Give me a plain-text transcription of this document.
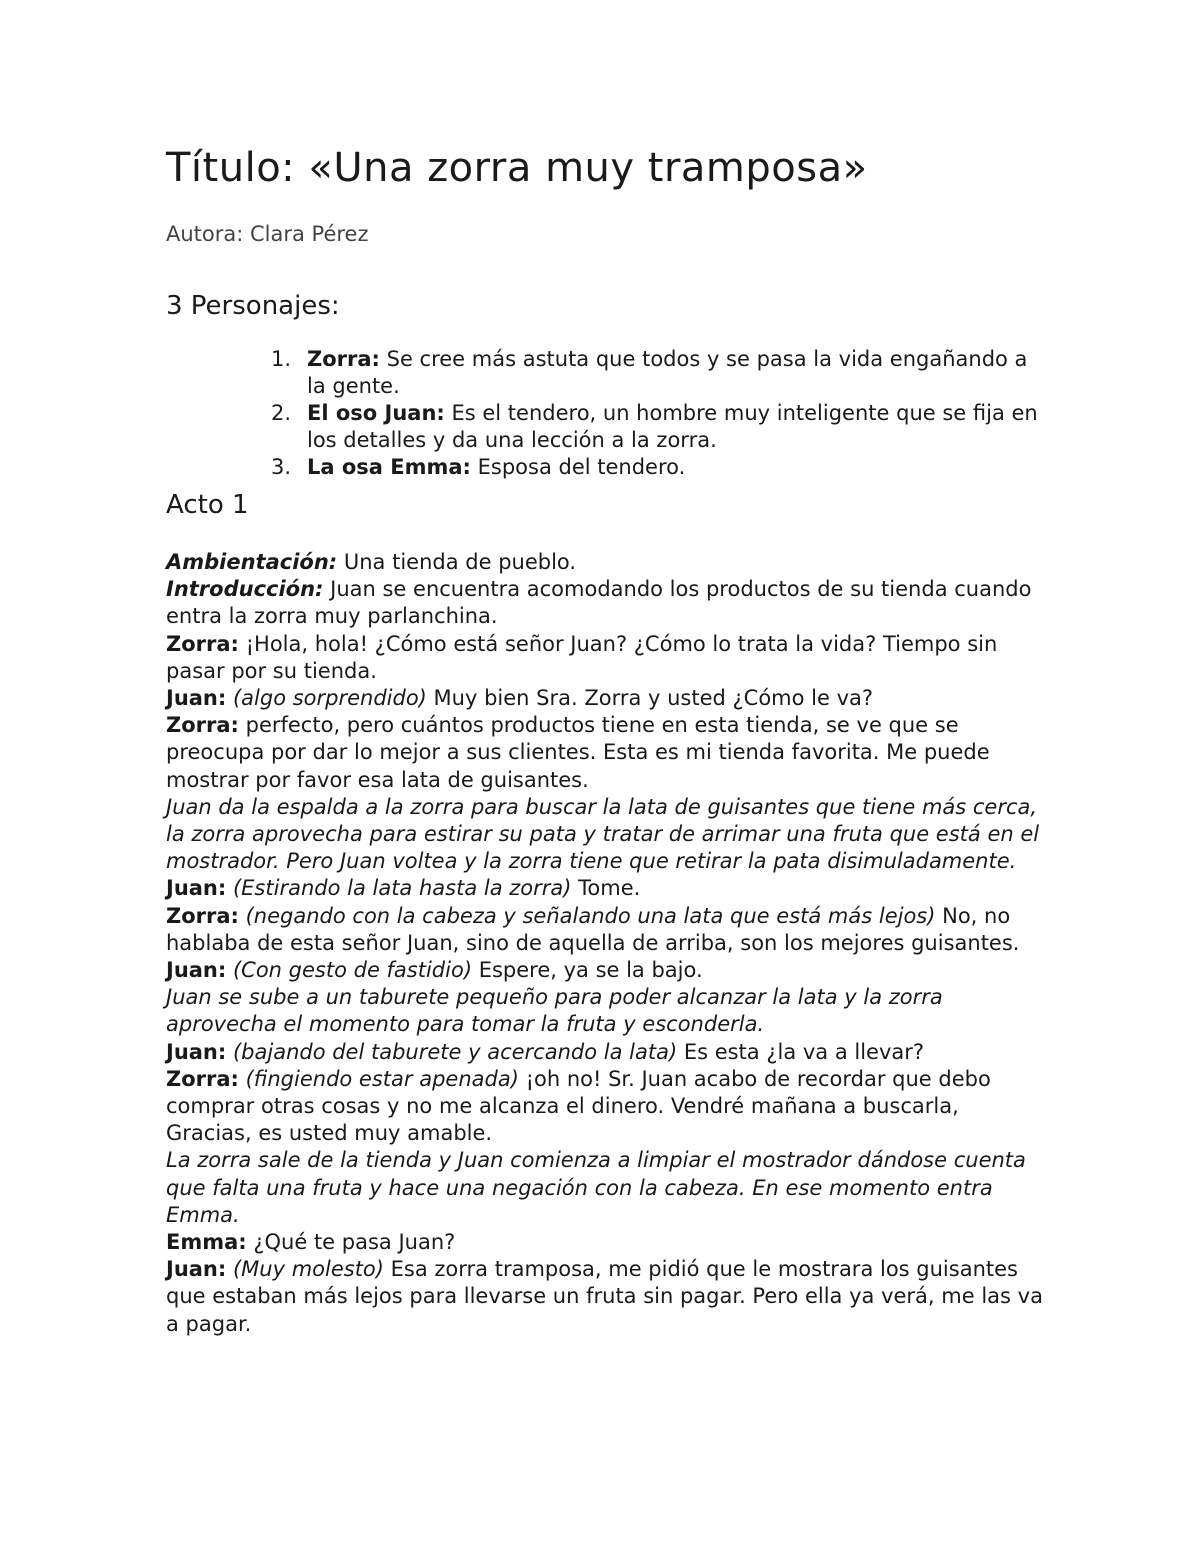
Título: «Una zorra muy tramposa»

Autora: Clara Pérez

3 Personajes:
1. Zorra: Se cree más astuta que todos y se pasa la vida engañando a la gente.
2. El oso Juan: Es el tendero, un hombre muy inteligente que se fija en los detalles y da una lección a la zorra.
3. La osa Emma: Esposa del tendero.
Acto 1

Ambientación: Una tienda de pueblo.

Introducción: Juan se encuentra acomodando los productos de su tienda cuando entra la zorra muy parlanchina.

Zorra: ¡Hola, hola! ¿Cómo está señor Juan? ¿Cómo lo trata la vida? Tiempo sin pasar por su tienda.

Juan: (algo sorprendido) Muy bien Sra. Zorra y usted ¿Cómo le va?

Zorra: perfecto, pero cuántos productos tiene en esta tienda, se ve que se preocupa por dar lo mejor a sus clientes. Esta es mi tienda favorita. Me puede mostrar por favor esa lata de guisantes.

Juan da la espalda a la zorra para buscar la lata de guisantes que tiene más cerca, la zorra aprovecha para estirar su pata y tratar de arrimar una fruta que está en el mostrador. Pero Juan voltea y la zorra tiene que retirar la pata disimuladamente.

Juan: (Estirando la lata hasta la zorra) Tome.

Zorra: (negando con la cabeza y señalando una lata que está más lejos) No, no hablaba de esta señor Juan, sino de aquella de arriba, son los mejores guisantes.

Juan: (Con gesto de fastidio) Espere, ya se la bajo.

Juan se sube a un taburete pequeño para poder alcanzar la lata y la zorra aprovecha el momento para tomar la fruta y esconderla.

Juan: (bajando del taburete y acercando la lata) Es esta ¿la va a llevar?

Zorra: (fingiendo estar apenada) ¡oh no! Sr. Juan acabo de recordar que debo comprar otras cosas y no me alcanza el dinero. Vendré mañana a buscarla, Gracias, es usted muy amable.

La zorra sale de la tienda y Juan comienza a limpiar el mostrador dándose cuenta que falta una fruta y hace una negación con la cabeza. En ese momento entra Emma.

Emma: ¿Qué te pasa Juan?

Juan: (Muy molesto) Esa zorra tramposa, me pidió que le mostrara los guisantes que estaban más lejos para llevarse un fruta sin pagar. Pero ella ya verá, me las va a pagar.
